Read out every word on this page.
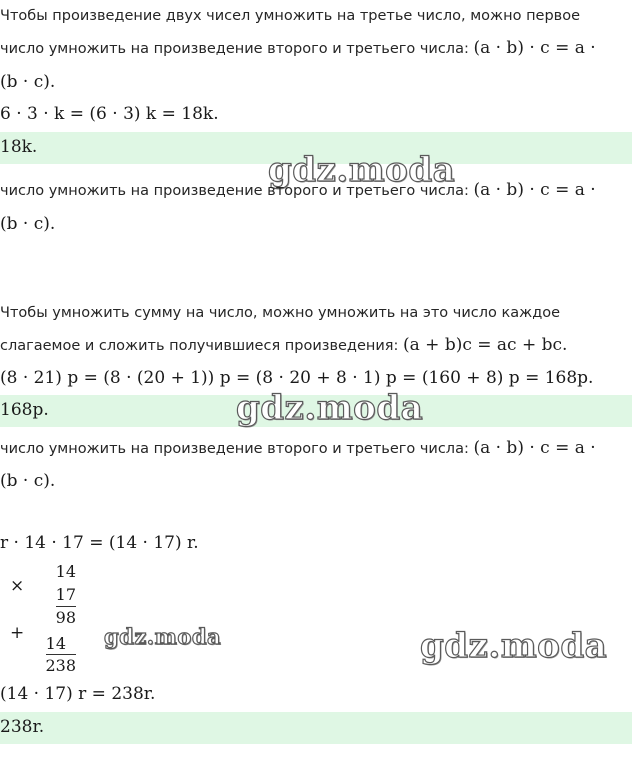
Чтобы произведение двух чисел умножить на третье число, можно первое
число умножить на произведение второго и третьего числа: (a · b) · c = a ·
(b · c).
6 · 3 · k = (6 · 3) k = 18k.
18k.
gdz.moda
число умножить на произведение второго и третьего числа: (a · b) · c = a ·
(b · c).
Чтобы умножить сумму на число, можно умножить на это число каждое
слагаемое и сложить получившиеся произведения: (a + b)c = ac + bc.
(8 · 21) p = (8 · (20 + 1)) p = (8 · 20 + 8 · 1) p = (160 + 8) p = 168p.
168p.	gdz.moda
число умножить на произведение второго и третьего числа: (a · b) · c = a ·
(b · c).
r · 14 · 17 = (14 · 17) r.
×
14
17
98
+
14
238
gdz.moda	gdz.moda
(14 · 17) r = 238r.
238r.
